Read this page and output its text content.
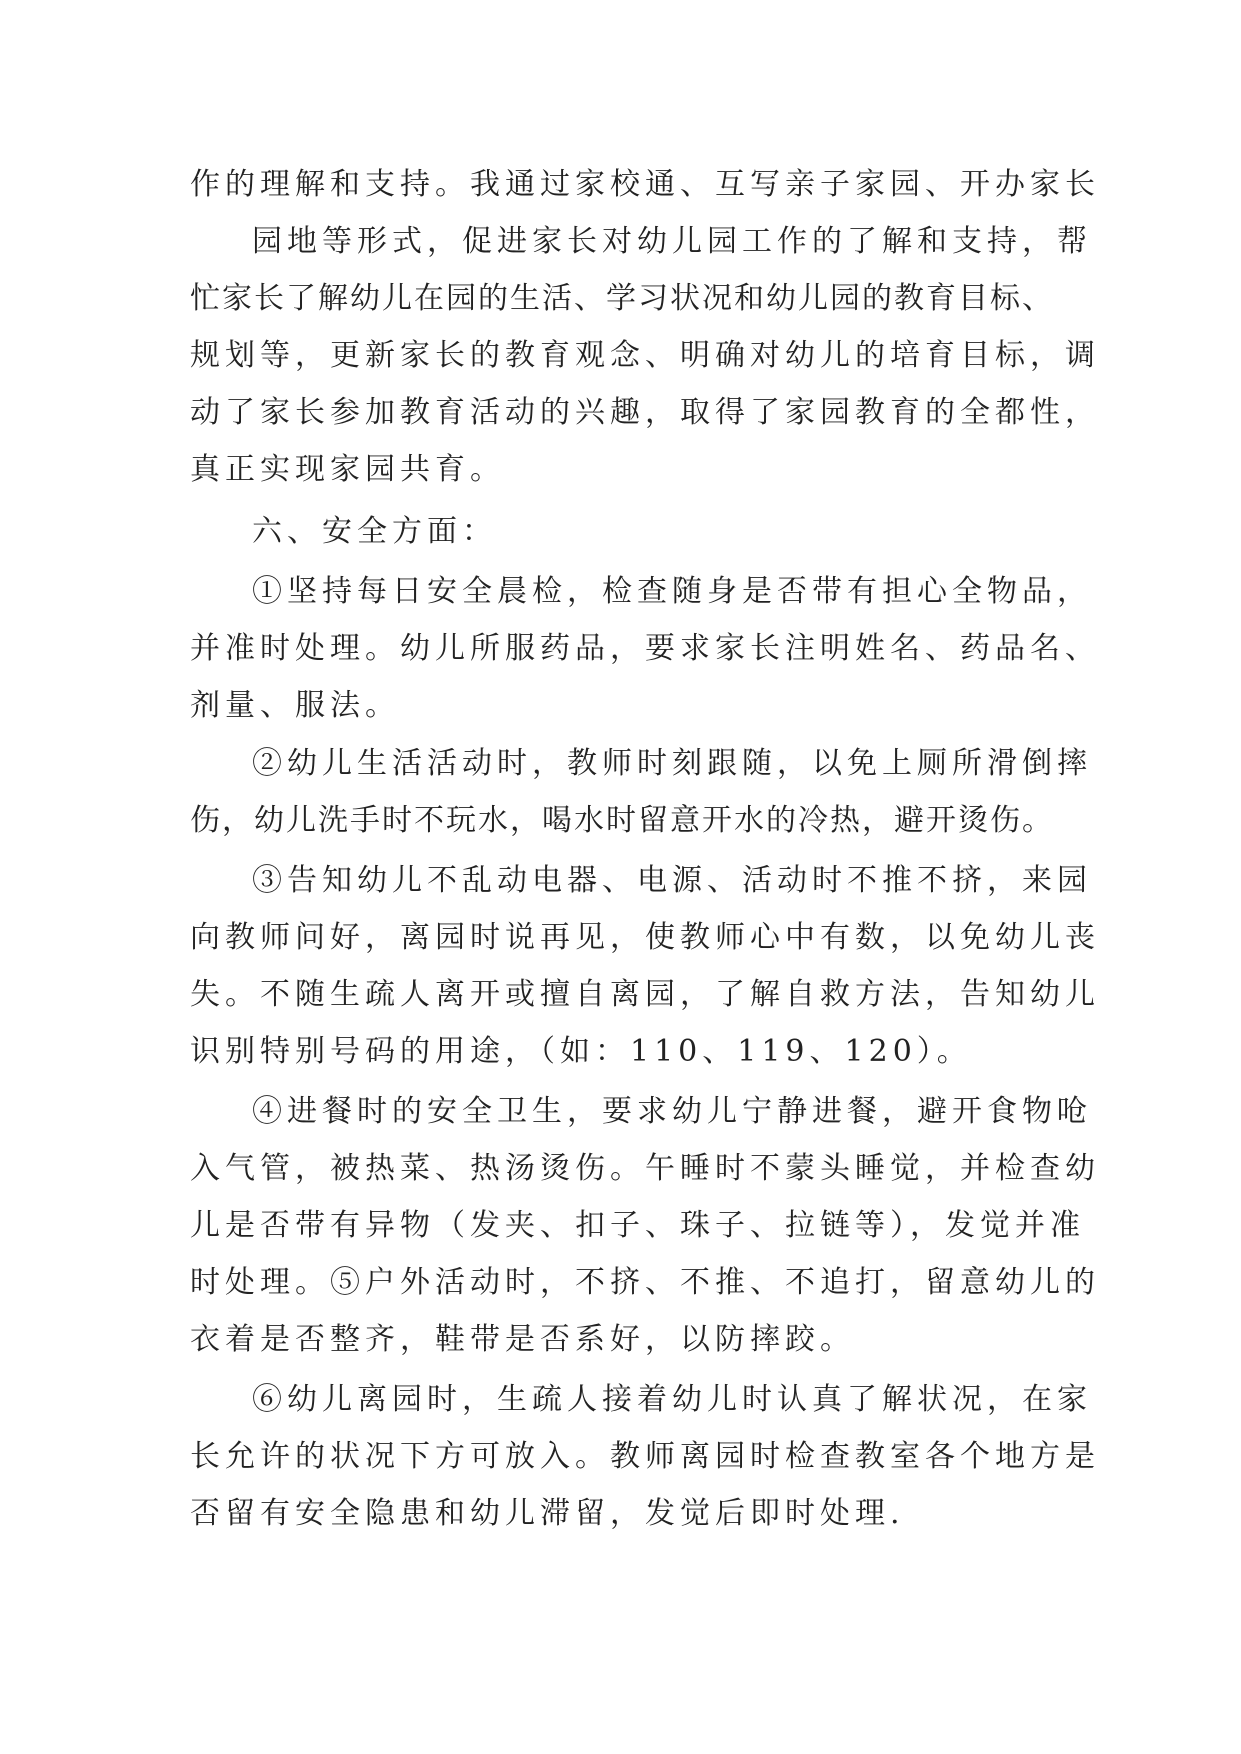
作的理解和支持。我通过家校通、互写亲子家园、开办家长
园地等形式，促进家长对幼儿园工作的了解和支持，帮
忙家长了解幼儿在园的生活、学习状况和幼儿园的教育目标、
规划等，更新家长的教育观念、明确对幼儿的培育目标，调
动了家长参加教育活动的兴趣，取得了家园教育的全都性，
真正实现家园共育。
六、安全方面：
①坚持每日安全晨检，检查随身是否带有担心全物品，
并准时处理。幼儿所服药品，要求家长注明姓名、药品名、
剂量、服法。
②幼儿生活活动时，教师时刻跟随，以免上厕所滑倒摔
伤，幼儿洗手时不玩水，喝水时留意开水的冷热，避开烫伤。
③告知幼儿不乱动电器、电源、活动时不推不挤，来园
向教师问好，离园时说再见，使教师心中有数，以免幼儿丧
失。不随生疏人离开或擅自离园，了解自救方法，告知幼儿
识别特别号码的用途，（如：110、119、120）。
④进餐时的安全卫生，要求幼儿宁静进餐，避开食物呛
入气管，被热菜、热汤烫伤。午睡时不蒙头睡觉，并检查幼
儿是否带有异物（发夹、扣子、珠子、拉链等），发觉并准
时处理。⑤户外活动时，不挤、不推、不追打，留意幼儿的
衣着是否整齐，鞋带是否系好，以防摔跤。
⑥幼儿离园时，生疏人接着幼儿时认真了解状况，在家
长允许的状况下方可放入。教师离园时检查教室各个地方是
否留有安全隐患和幼儿滞留，发觉后即时处理.
